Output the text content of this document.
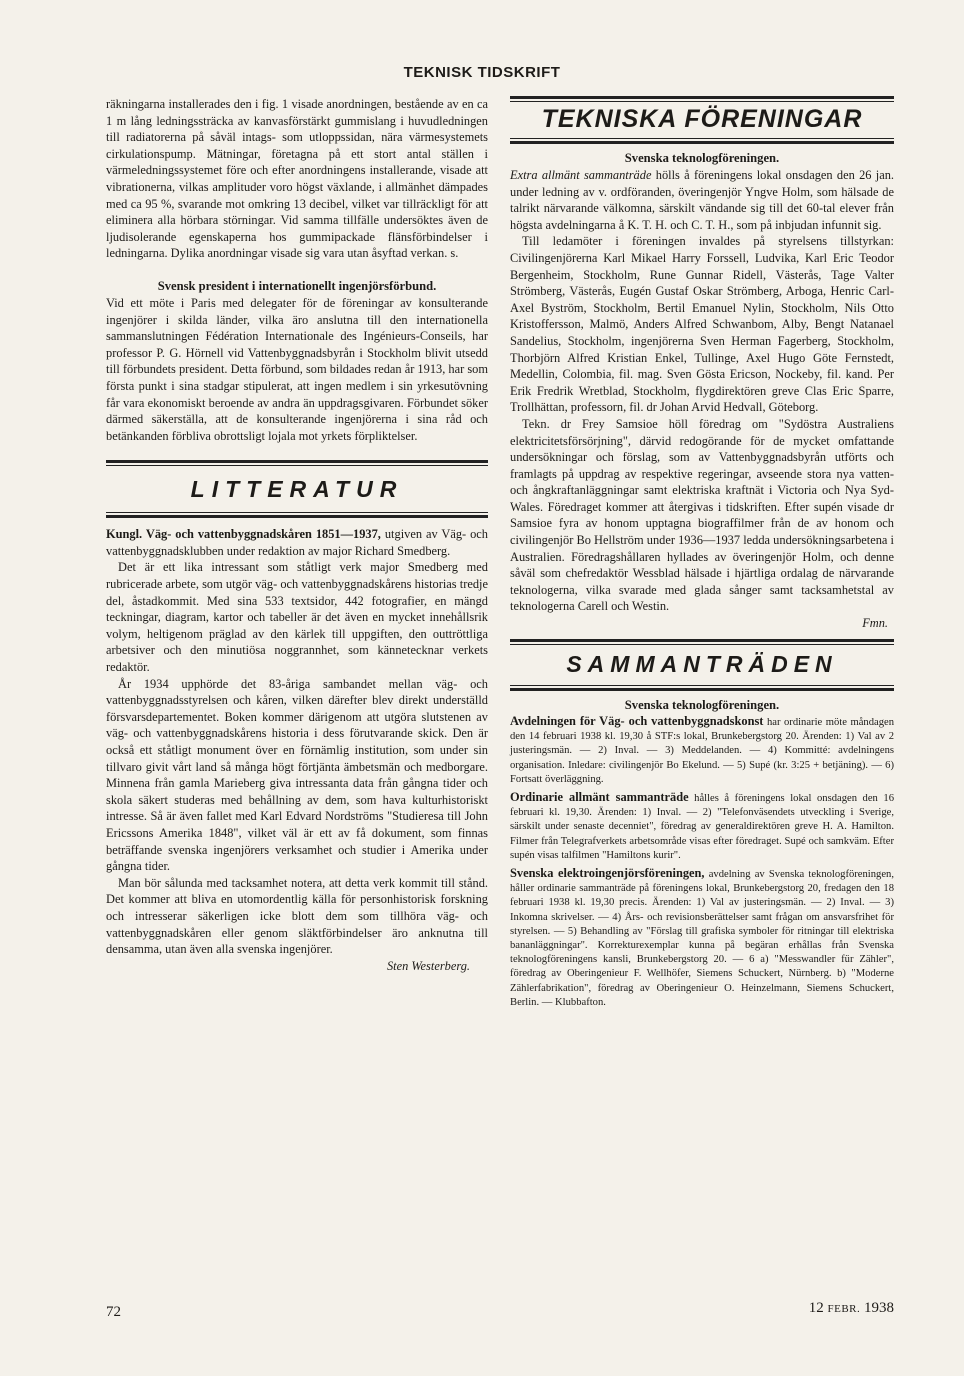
TEKNISK TIDSKRIFT

räkningarna installerades den i fig. 1 visade anordningen, bestående av en ca 1 m lång ledningssträcka av kanvasförstärkt gummislang i huvudledningen till radiatorerna på såväl intags- som utloppssidan, nära värmesystemets cirkulationspump. Mätningar, företagna på ett stort antal ställen i värmeledningssystemet före och efter anordningens installerande, visade att vibrationerna, vilkas amplituder voro högst växlande, i allmänhet dämpades med ca 95 %, svarande mot omkring 13 decibel, vilket var tillräckligt för att eliminera alla hörbara störningar. Vid samma tillfälle undersöktes även de ljudisolerande egenskaperna hos gummipackade flänsförbindelser i ledningarna. Dylika anordningar visade sig vara utan åsyftad verkan. s.

Svensk president i internationellt ingenjörsförbund.

Vid ett möte i Paris med delegater för de föreningar av konsulterande ingenjörer i skilda länder, vilka äro anslutna till den internationella sammanslutningen Fédération Internationale des Ingénieurs-Conseils, har professor P. G. Hörnell vid Vattenbyggnadsbyrån i Stockholm blivit utsedd till förbundets president. Detta förbund, som bildades redan år 1913, har som första punkt i sina stadgar stipulerat, att ingen medlem i sin yrkesutövning får vara ekonomiskt beroende av andra än uppdragsgivaren. Förbundet söker därmed säkerställa, att de konsulterande ingenjörerna i sina råd och betänkanden förbliva obrottsligt lojala mot yrkets förpliktelser.

LITTERATUR

Kungl. Väg- och vattenbyggnadskåren 1851—1937, utgiven av Väg- och vattenbyggnadsklubben under redaktion av major Richard Smedberg.

Det är ett lika intressant som ståtligt verk major Smedberg med rubricerade arbete, som utgör väg- och vattenbyggnadskårens historias tredje del, åstadkommit. Med sina 533 textsidor, 442 fotografier, en mängd teckningar, diagram, kartor och tabeller är det även en mycket innehållsrik volym, heltigenom präglad av den kärlek till uppgiften, den outtröttliga arbetsiver och den minutiösa noggrannhet, som kännetecknar verkets redaktör.

År 1934 upphörde det 83-åriga sambandet mellan väg- och vattenbyggnadsstyrelsen och kåren, vilken därefter blev direkt underställd försvarsdepartementet. Boken kommer därigenom att utgöra slutstenen av väg- och vattenbyggnadskårens historia i dess förutvarande skick. Den är också ett ståtligt monument över en förnämlig institution, som under sin tillvaro givit vårt land så många högt förtjänta ämbetsmän och medborgare. Minnena från gamla Marieberg giva intressanta data från gångna tider och skola säkert studeras med behållning av dem, som hava kulturhistoriskt intresse. Så är även fallet med Karl Edvard Nordströms "Studieresa till John Ericssons Amerika 1848", vilket väl är ett av få dokument, som finnas beträffande svenska ingenjörers verksamhet och studier i Amerika under gångna tider.

Man bör sålunda med tacksamhet notera, att detta verk kommit till stånd. Det kommer att bliva en utomordentlig källa för personhistorisk forskning och intresserar säkerligen icke blott dem som tillhöra väg- och vattenbyggnadskåren eller genom släktförbindelser äro anknutna till densamma, utan även alla svenska ingenjörer.

Sten Westerberg.
TEKNISKA FÖRENINGAR
Svenska teknologföreningen.

Extra allmänt sammanträde hölls å föreningens lokal onsdagen den 26 jan. under ledning av v. ordföranden, överingenjör Yngve Holm, som hälsade de talrikt närvarande välkomna, särskilt vändande sig till det 60-tal elever från högsta avdelningarna å K. T. H. och C. T. H., som på inbjudan infunnit sig.

Till ledamöter i föreningen invaldes på styrelsens tillstyrkan: Civilingenjörerna Karl Mikael Harry Forssell, Ludvika, Karl Eric Teodor Bergenheim, Stockholm, Rune Gunnar Ridell, Västerås, Tage Valter Strömberg, Västerås, Eugén Gustaf Oskar Strömberg, Arboga, Henric Carl-Axel Byström, Stockholm, Bertil Emanuel Nylin, Stockholm, Nils Otto Kristoffersson, Malmö, Anders Alfred Schwanbom, Alby, Bengt Natanael Sandelius, Stockholm, ingenjörerna Sven Herman Fagerberg, Stockholm, Thorbjörn Alfred Kristian Enkel, Tullinge, Axel Hugo Göte Fernstedt, Medellin, Colombia, fil. mag. Sven Gösta Ericson, Nockeby, fil. kand. Per Erik Fredrik Wretblad, Stockholm, flygdirektören greve Clas Eric Sparre, Trollhättan, professorn, fil. dr Johan Arvid Hedvall, Göteborg.

Tekn. dr Frey Samsioe höll föredrag om "Sydöstra Australiens elektricitetsförsörjning", därvid redogörande för de mycket omfattande undersökningar och förslag, som av Vattenbyggnadsbyrån utförts och framlagts på uppdrag av respektive regeringar, avseende stora nya vatten- och ångkraftanläggningar samt elektriska kraftnät i Victoria och Nya Syd-Wales. Föredraget kommer att återgivas i tidskriften. Efter supén visade dr Samsioe fyra av honom upptagna biograffilmer från de av honom och civilingenjör Bo Hellström under 1936—1937 ledda undersökningsarbetena i Australien. Föredragshållaren hyllades av överingenjör Holm, och denne såväl som chefredaktör Wessblad hälsade i hjärtliga ordalag de närvarande teknologerna, vilka svarade med glada sånger samt tacksamhetstal av teknologerna Carell och Westin.

Fmn.
SAMMANTRÄDEN
Svenska teknologföreningen.

Avdelningen för Väg- och vattenbyggnadskonst har ordinarie möte måndagen den 14 februari 1938 kl. 19,30 å STF:s lokal, Brunkebergstorg 20. Ärenden: 1) Val av 2 justeringsmän. — 2) Inval. — 3) Meddelanden. — 4) Kommitté: avdelningens organisation. Inledare: civilingenjör Bo Ekelund. — 5) Supé (kr. 3:25 + betjäning). — 6) Fortsatt överläggning.

Ordinarie allmänt sammanträde hålles å föreningens lokal onsdagen den 16 februari kl. 19,30. Ärenden: 1) Inval. — 2) "Telefonväsendets utveckling i Sverige, särskilt under senaste decenniet", föredrag av generaldirektören greve H. A. Hamilton. Filmer från Telegrafverkets arbetsområde visas efter föredraget. Supé och samkväm. Efter supén visas talfilmen "Hamiltons kurir".

Svenska elektroingenjörsföreningen, avdelning av Svenska teknologföreningen, håller ordinarie sammanträde på föreningens lokal, Brunkebergstorg 20, fredagen den 18 februari 1938 kl. 19,30 precis. Ärenden: 1) Val av justeringsmän. — 2) Inval. — 3) Inkomna skrivelser. — 4) Års- och revisionsberättelser samt frågan om ansvarsfrihet för styrelsen. — 5) Behandling av "Förslag till grafiska symboler för ritningar till elektriska bananläggningar". Korrekturexemplar kunna på begäran erhållas från Svenska teknologföreningens kansli, Brunkebergstorg 20. — 6 a) "Messwandler für Zähler", föredrag av Oberingenieur F. Wellhöfer, Siemens Schuckert, Nürnberg. b) "Moderne Zählerfabrikation", föredrag av Oberingenieur O. Heinzelmann, Siemens Schuckert, Berlin. — Klubbafton.

72	12 FEBR. 1938
